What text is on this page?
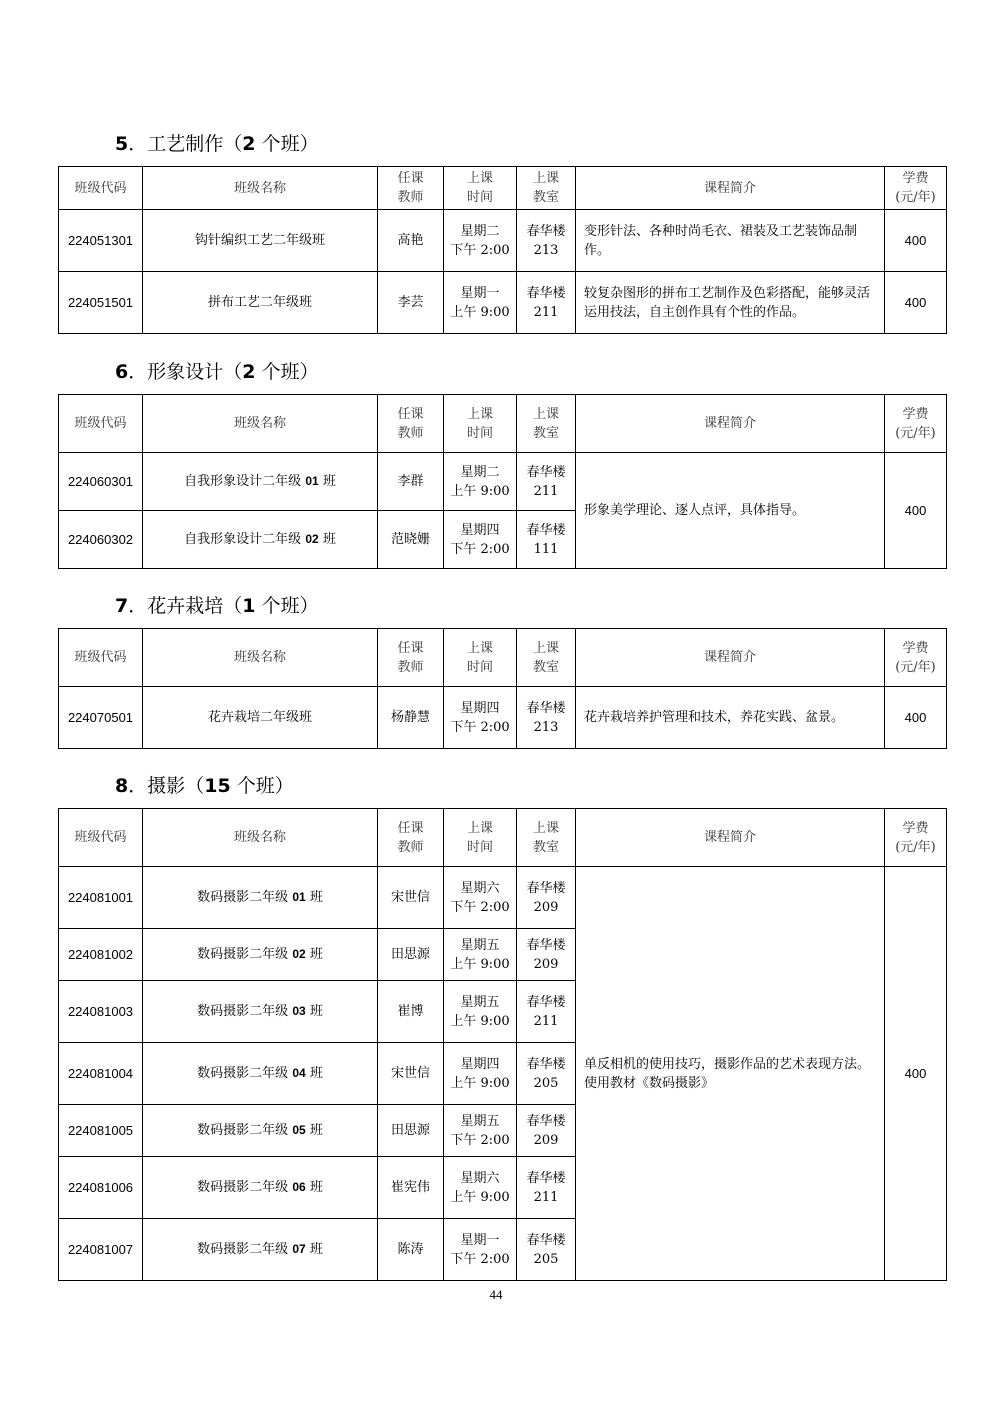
5．工艺制作（2 个班）
班级代码	班级名称	任课
教师	上课
时间	上课
教室	课程简介	学费
(元/年)

224051301	钩针编织工艺二年级班	高艳	星期二
下午 2:00	春华楼
213	变形针法、各种时尚毛衣、裙装及工艺装饰品制作。	400
224051501	拼布工艺二年级班	李芸	星期一
上午 9:00	春华楼
211	较复杂图形的拼布工艺制作及色彩搭配，能够灵活运用技法，自主创作具有个性的作品。	400
6．形象设计（2 个班）
班级代码	班级名称	任课
教师	上课
时间	上课
教室	课程简介	学费
(元/年)

224060301	自我形象设计二年级 01 班	李群	星期二
上午 9:00	春华楼
211	形象美学理论、逐人点评，具体指导。	400
224060302	自我形象设计二年级 02 班	范晓姗	星期四
下午 2:00	春华楼
111		
7．花卉栽培（1 个班）
班级代码	班级名称	任课
教师	上课
时间	上课
教室	课程简介	学费
(元/年)

224070501	花卉栽培二年级班	杨静慧	星期四
下午 2:00	春华楼
213	花卉栽培养护管理和技术，养花实践、盆景。	400
8．摄影（15 个班）
班级代码	班级名称	任课
教师	上课
时间	上课
教室	课程简介	学费
(元/年)

224081001	数码摄影二年级 01 班	宋世信	星期六
下午 2:00	春华楼
209	单反相机的使用技巧，摄影作品的艺术表现方法。使用教材《数码摄影》	400
224081002	数码摄影二年级 02 班	田思源	星期五
上午 9:00	春华楼
209		

224081003	数码摄影二年级 03 班	崔博	星期五
上午 9:00	春华楼
211		

224081004	数码摄影二年级 04 班	宋世信	星期四
上午 9:00	春华楼
205		

224081005	数码摄影二年级 05 班	田思源	星期五
下午 2:00	春华楼
209		

224081006	数码摄影二年级 06 班	崔宪伟	星期六
上午 9:00	春华楼
211		

224081007	数码摄影二年级 07 班	陈涛	星期一
下午 2:00	春华楼
205		
44
